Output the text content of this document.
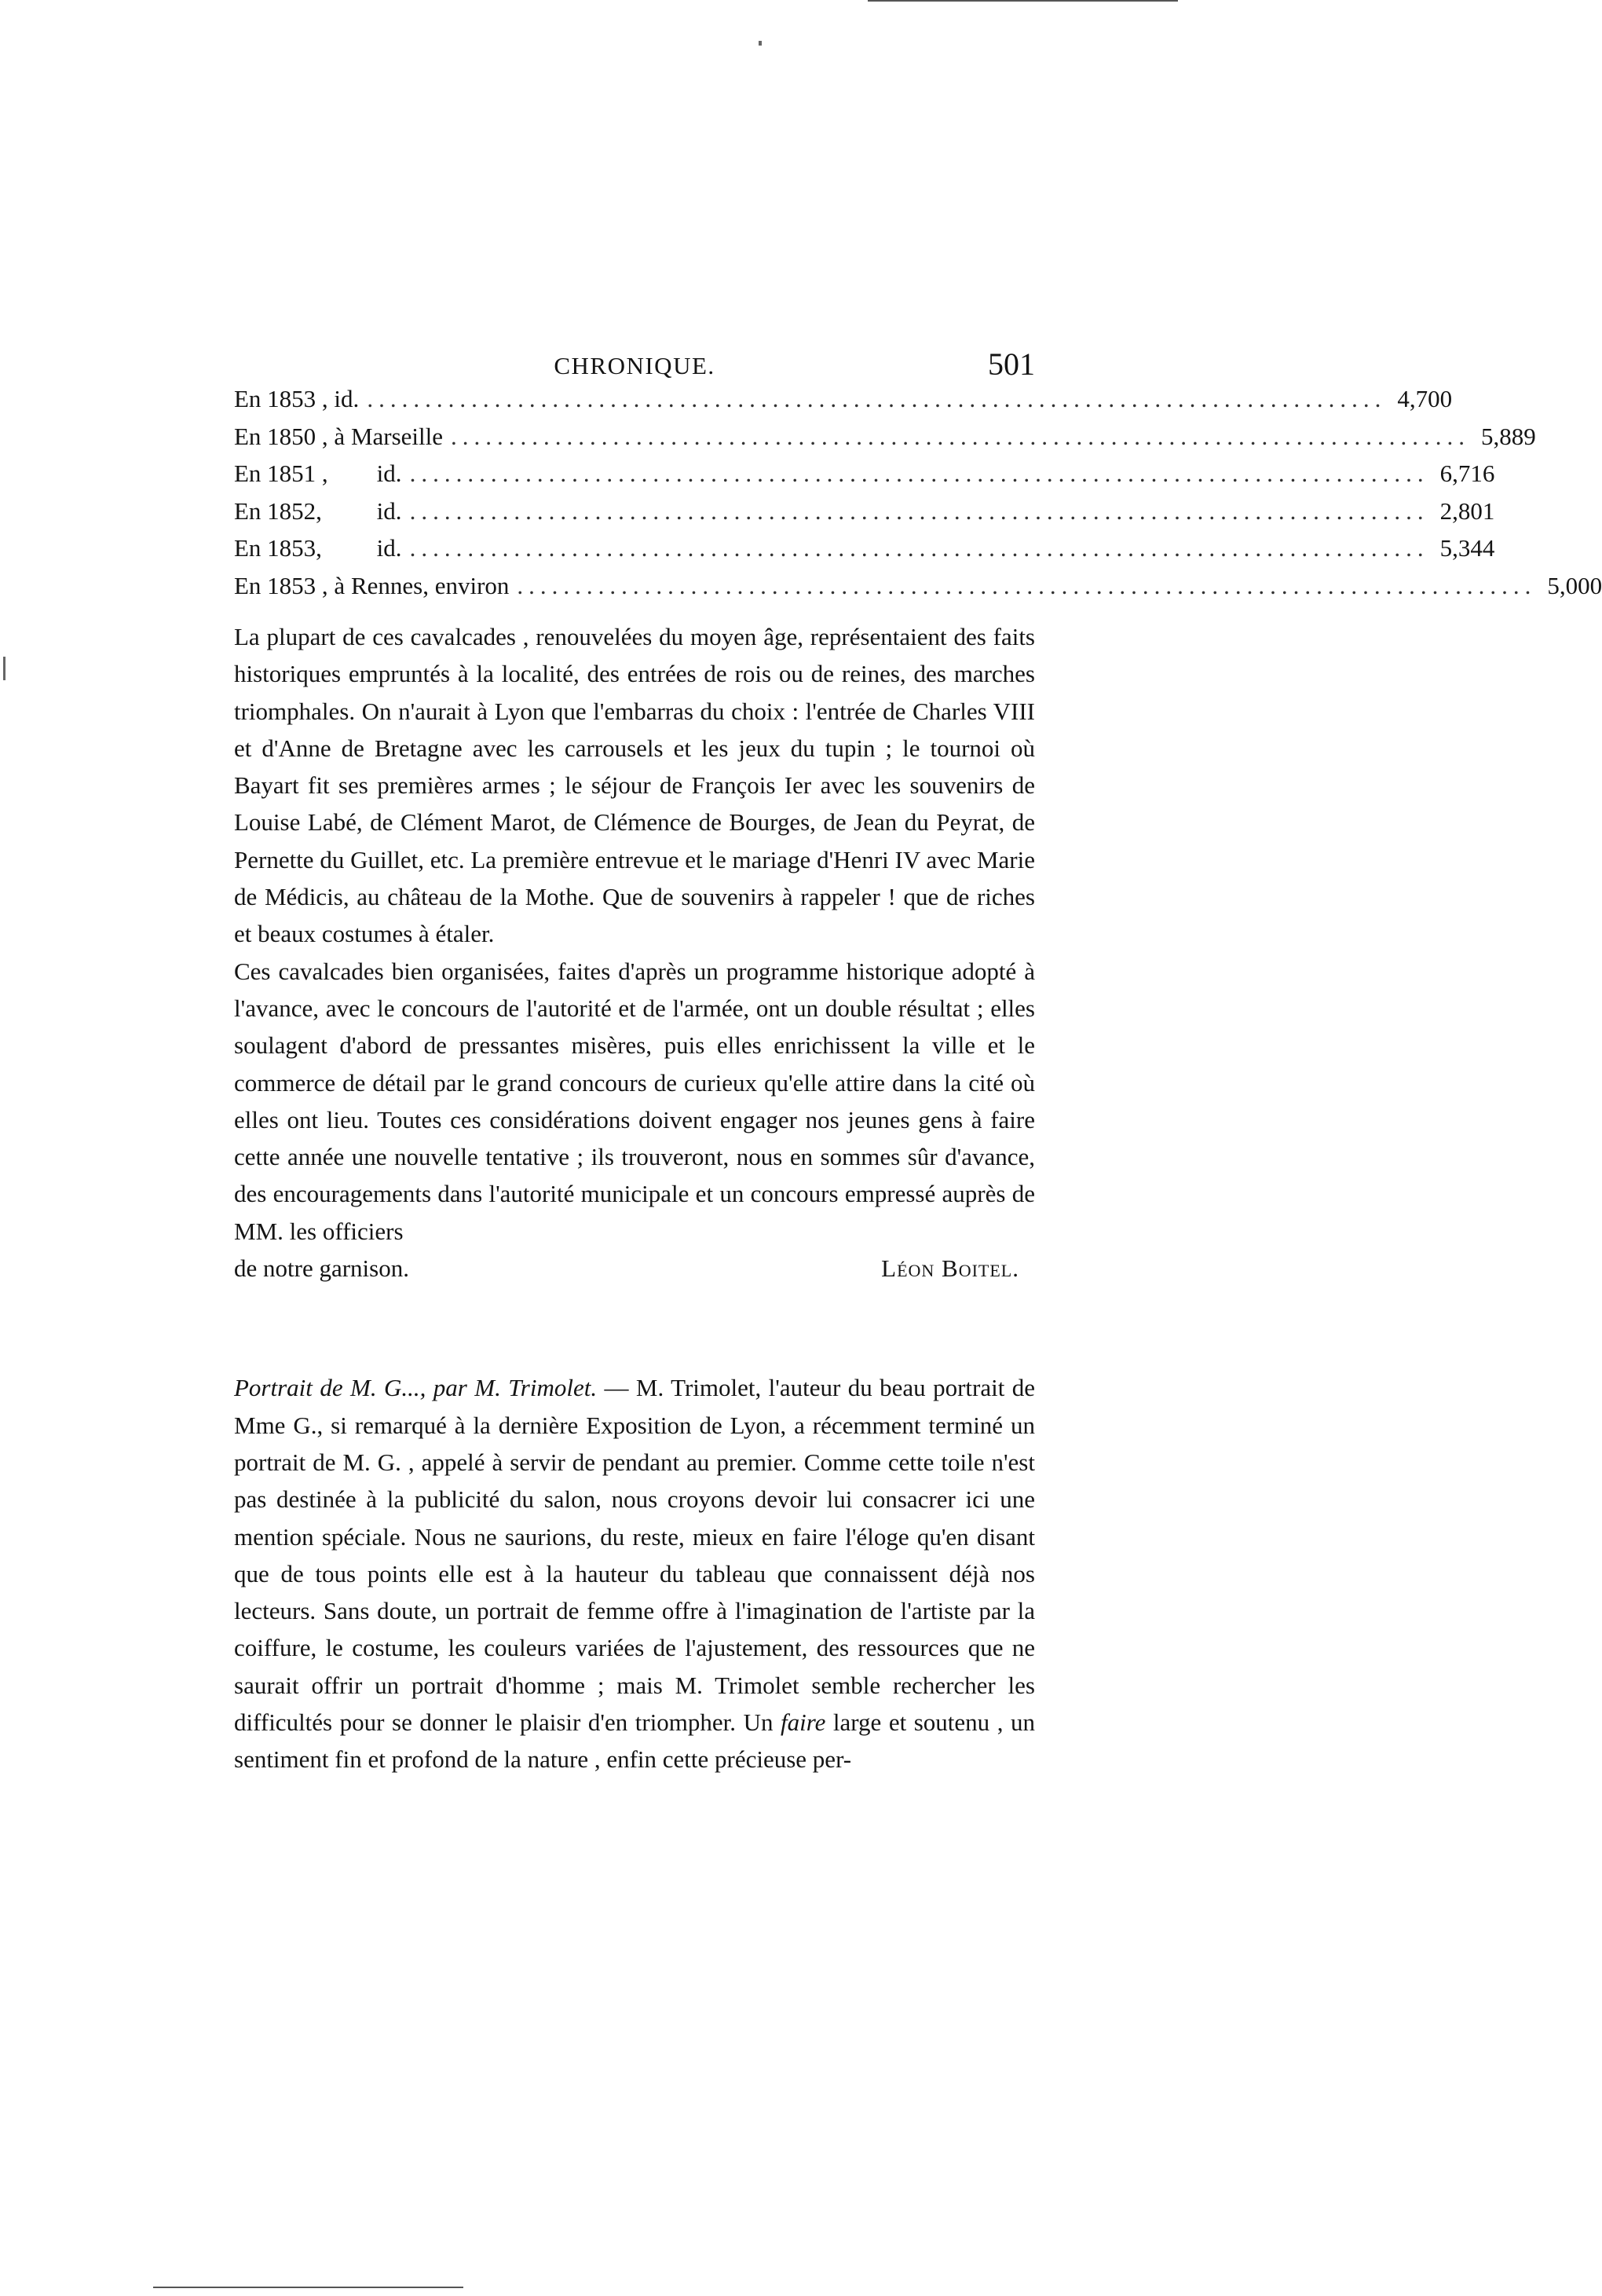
CHRONIQUE.	501
En 1853 , id. ........................................................................................ 4,700
En 1850 , à Marseille ........................................................................................ 5,889
En 1851 ,        id. ........................................................................................ 6,716
En 1852,         id. ........................................................................................ 2,801
En 1853,         id. ........................................................................................ 5,344
En 1853 , à Rennes, environ ........................................................................................ 5,000

La plupart de ces cavalcades , renouvelées du moyen âge, représentaient des faits historiques empruntés à la localité, des entrées de rois ou de reines, des marches triomphales. On n'aurait à Lyon que l'embarras du choix : l'entrée de Charles VIII et d'Anne de Bretagne avec les carrousels et les jeux du tupin ; le tournoi où Bayart fit ses premières armes ; le séjour de François Ier avec les souvenirs de Louise Labé, de Clément Marot, de Clémence de Bourges, de Jean du Peyrat, de Pernette du Guillet, etc. La première entrevue et le mariage d'Henri IV avec Marie de Médicis, au château de la Mothe. Que de souvenirs à rappeler ! que de riches et beaux costumes à étaler.

Ces cavalcades bien organisées, faites d'après un programme historique adopté à l'avance, avec le concours de l'autorité et de l'armée, ont un double résultat ; elles soulagent d'abord de pressantes misères, puis elles enrichissent la ville et le commerce de détail par le grand concours de curieux qu'elle attire dans la cité où elles ont lieu. Toutes ces considérations doivent engager nos jeunes gens à faire cette année une nouvelle tentative ; ils trouveront, nous en sommes sûr d'avance, des encouragements dans l'autorité municipale et un concours empressé auprès de MM. les officiers

de notre garnison.	Léon Boitel.

Portrait de M. G..., par M. Trimolet. — M. Trimolet, l'auteur du beau portrait de Mme G., si remarqué à la dernière Exposition de Lyon, a récemment terminé un portrait de M. G. , appelé à servir de pendant au premier. Comme cette toile n'est pas destinée à la publicité du salon, nous croyons devoir lui consacrer ici une mention spéciale. Nous ne saurions, du reste, mieux en faire l'éloge qu'en disant que de tous points elle est à la hauteur du tableau que connaissent déjà nos lecteurs. Sans doute, un portrait de femme offre à l'imagination de l'artiste par la coiffure, le costume, les couleurs variées de l'ajustement, des ressources que ne saurait offrir un portrait d'homme ; mais M. Trimolet semble rechercher les difficultés pour se donner le plaisir d'en triompher. Un faire large et soutenu , un sentiment fin et profond de la nature , enfin cette précieuse per-
